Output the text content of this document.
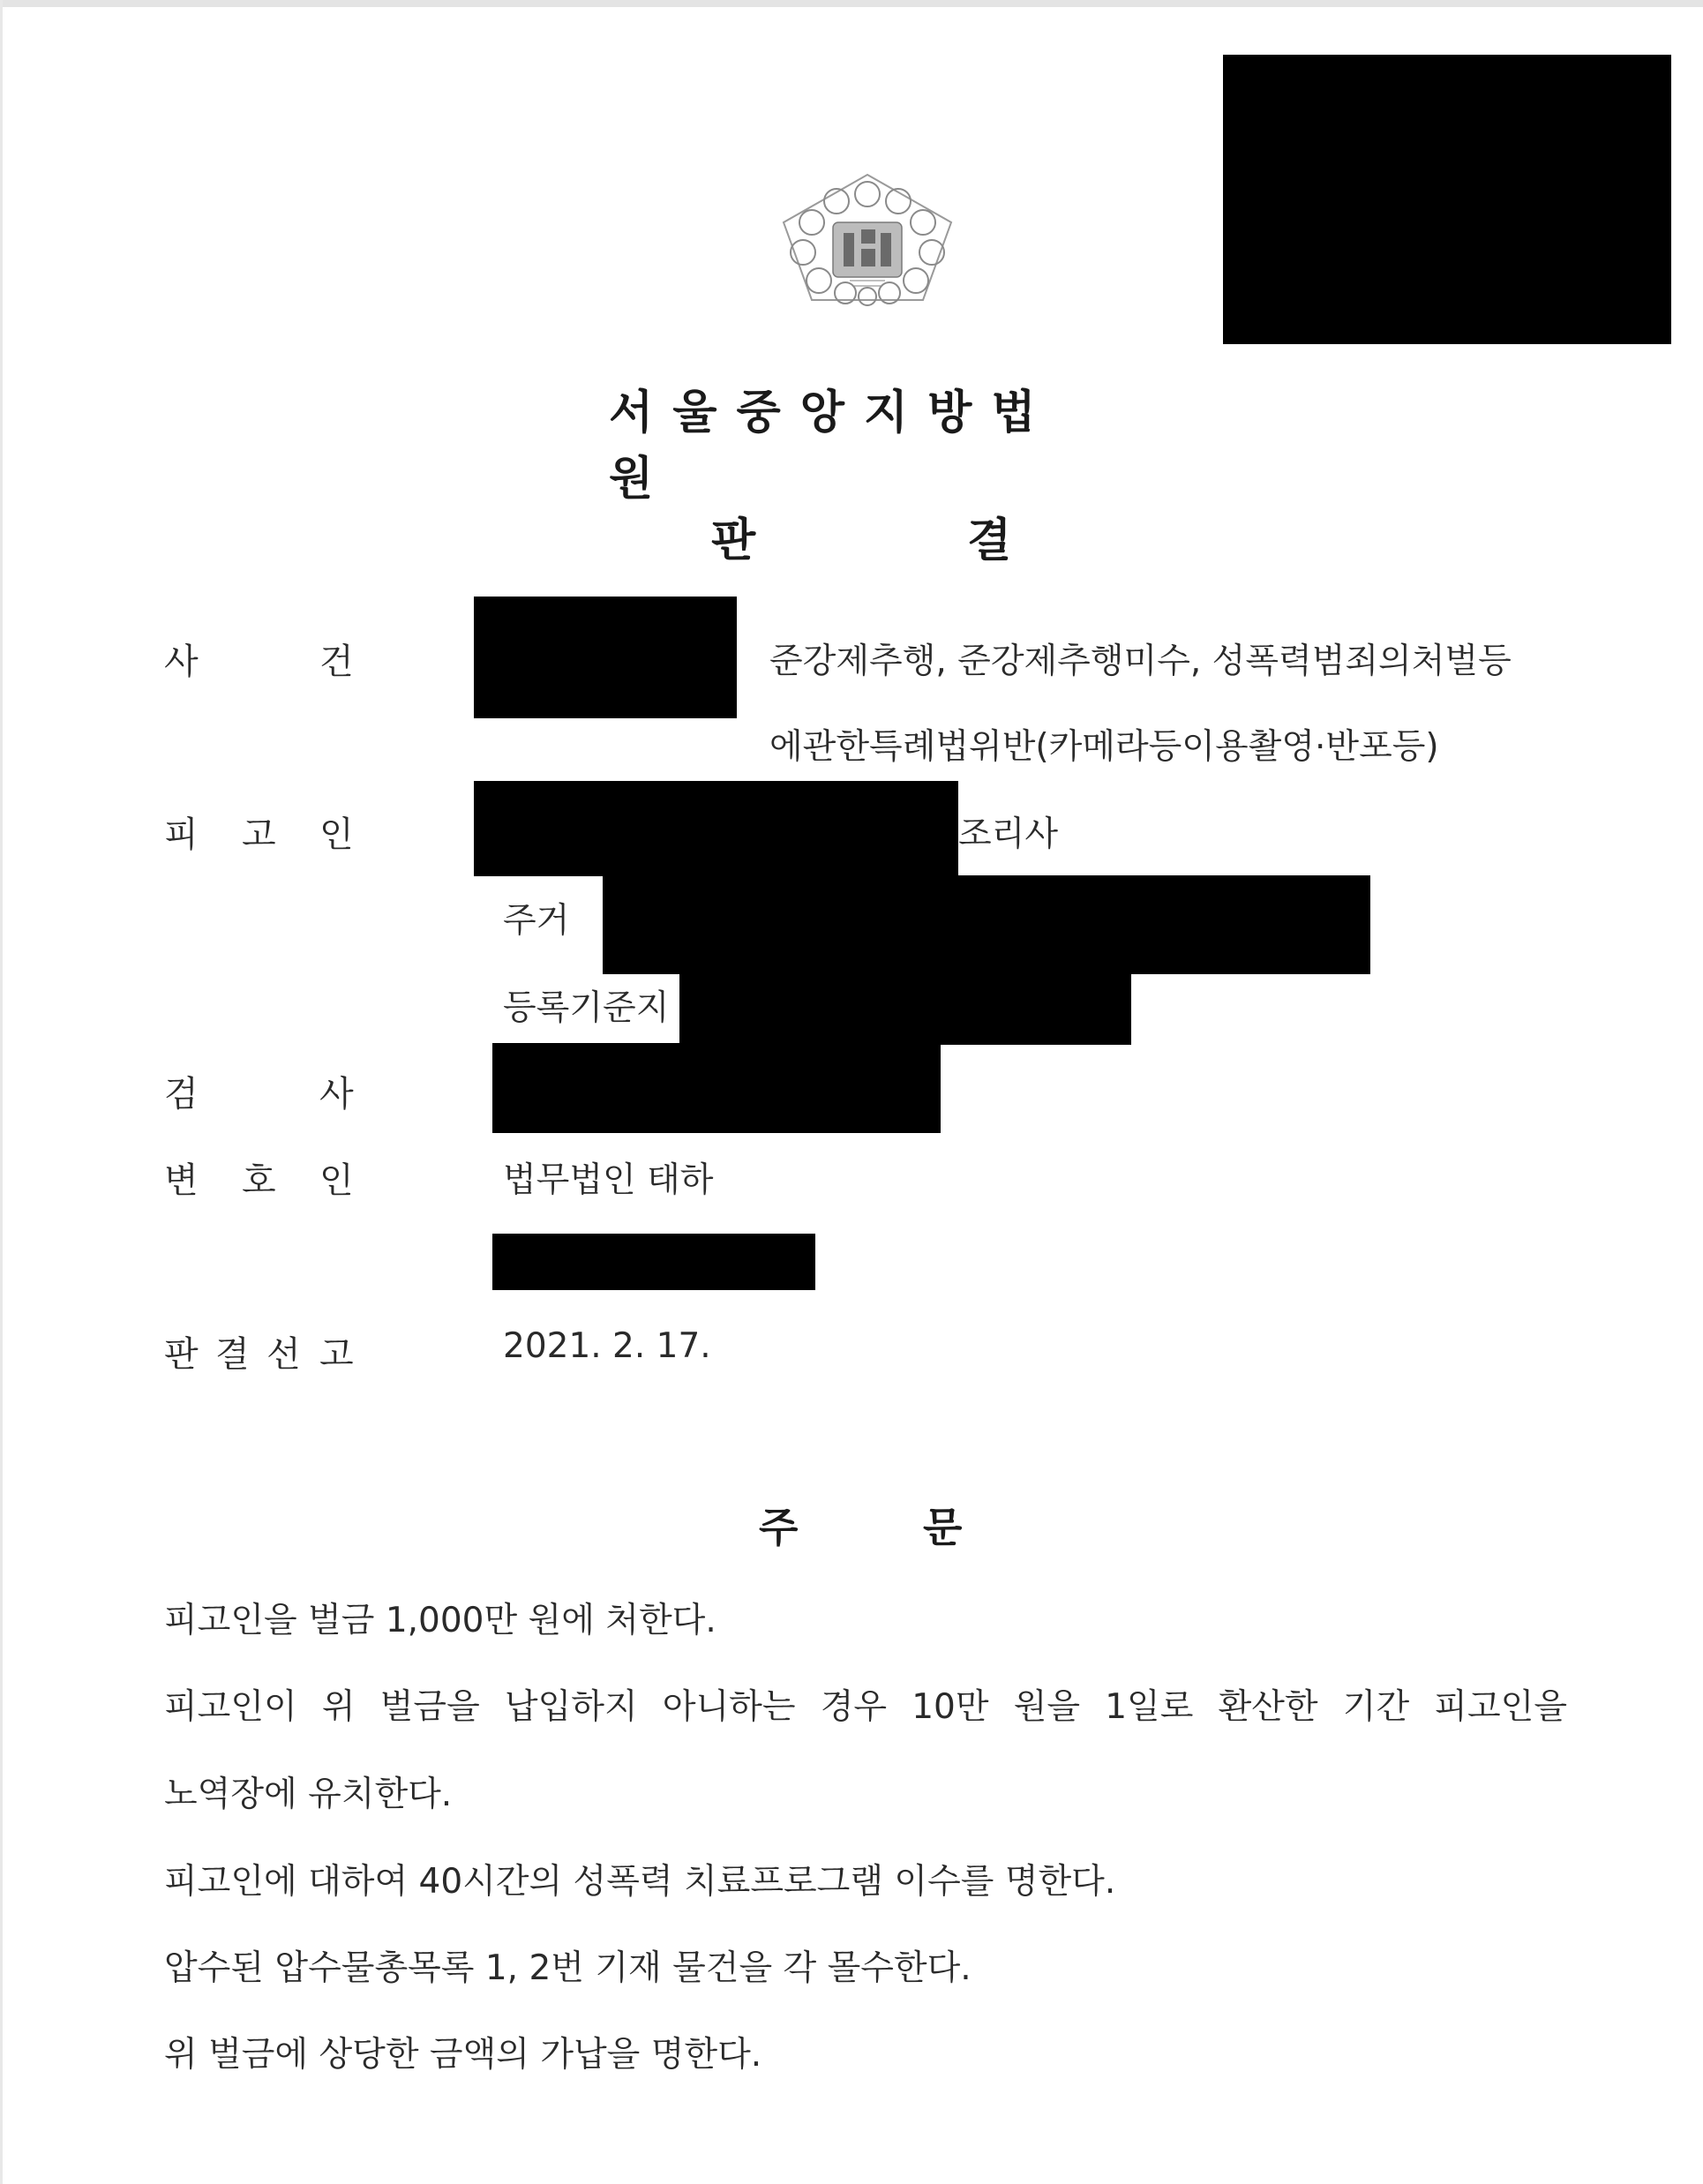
서울중앙지방법원
판	결
사	건	준강제추행, 준강제추행미수, 성폭력범죄의처벌등
에관한특례법위반(카메라등이용촬영·반포등)
피 고 인	조리사
주거
등록기준지
검	사
변 호 인	법무법인 태하
판 결 선 고	2021. 2. 17.
주	문
피고인을 벌금 1,000만 원에 처한다.
피고인이 위 벌금을 납입하지 아니하는 경우 10만 원을 1일로 환산한 기간 피고인을
노역장에 유치한다.
피고인에 대하여 40시간의 성폭력 치료프로그램 이수를 명한다.
압수된 압수물총목록 1, 2번 기재 물건을 각 몰수한다.
위 벌금에 상당한 금액의 가납을 명한다.
